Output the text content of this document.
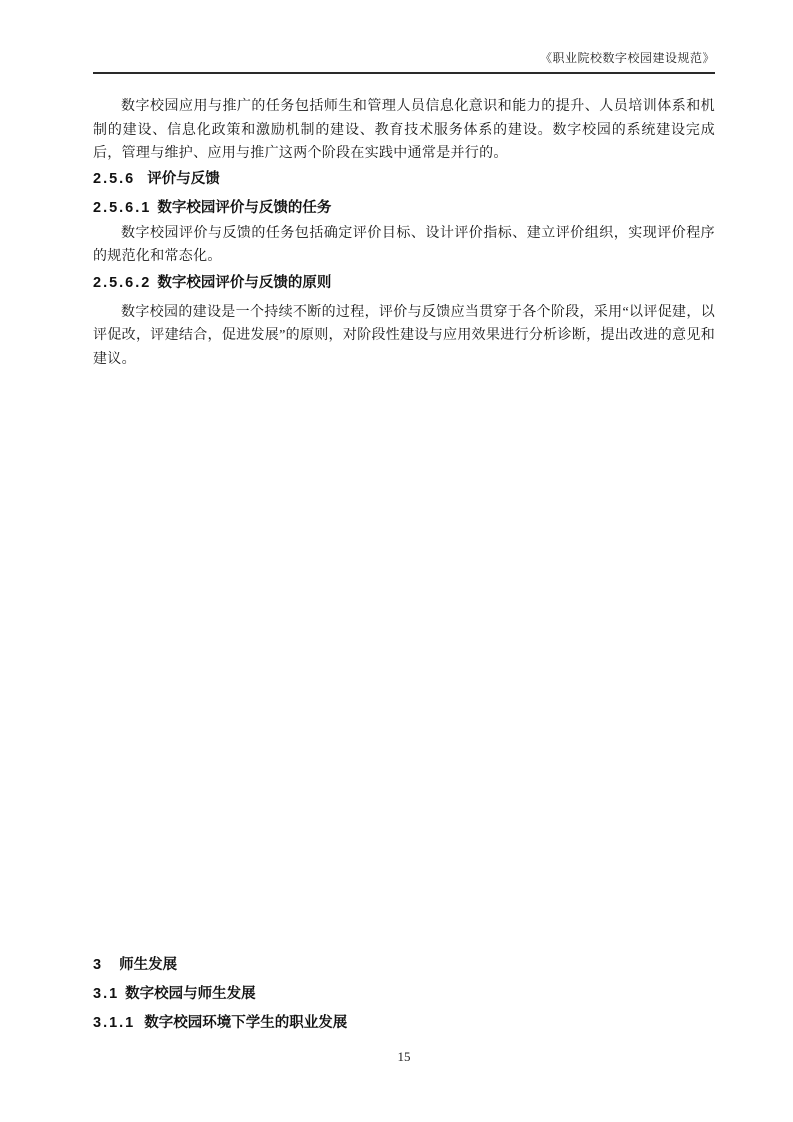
《职业院校数字校园建设规范》

数字校园应用与推广的任务包括师生和管理人员信息化意识和能力的提升、人员培训体系和机制的建设、信息化政策和激励机制的建设、教育技术服务体系的建设。数字校园的系统建设完成后，管理与维护、应用与推广这两个阶段在实践中通常是并行的。

2.5.6 评价与反馈
2.5.6.1 数字校园评价与反馈的任务

数字校园评价与反馈的任务包括确定评价目标、设计评价指标、建立评价组织，实现评价程序的规范化和常态化。

2.5.6.2 数字校园评价与反馈的原则

数字校园的建设是一个持续不断的过程，评价与反馈应当贯穿于各个阶段，采用“以评促建，以评促改，评建结合，促进发展”的原则，对阶段性建设与应用效果进行分析诊断，提出改进的意见和建议。

3 师生发展
3.1 数字校园与师生发展
3.1.1 数字校园环境下学生的职业发展
15
